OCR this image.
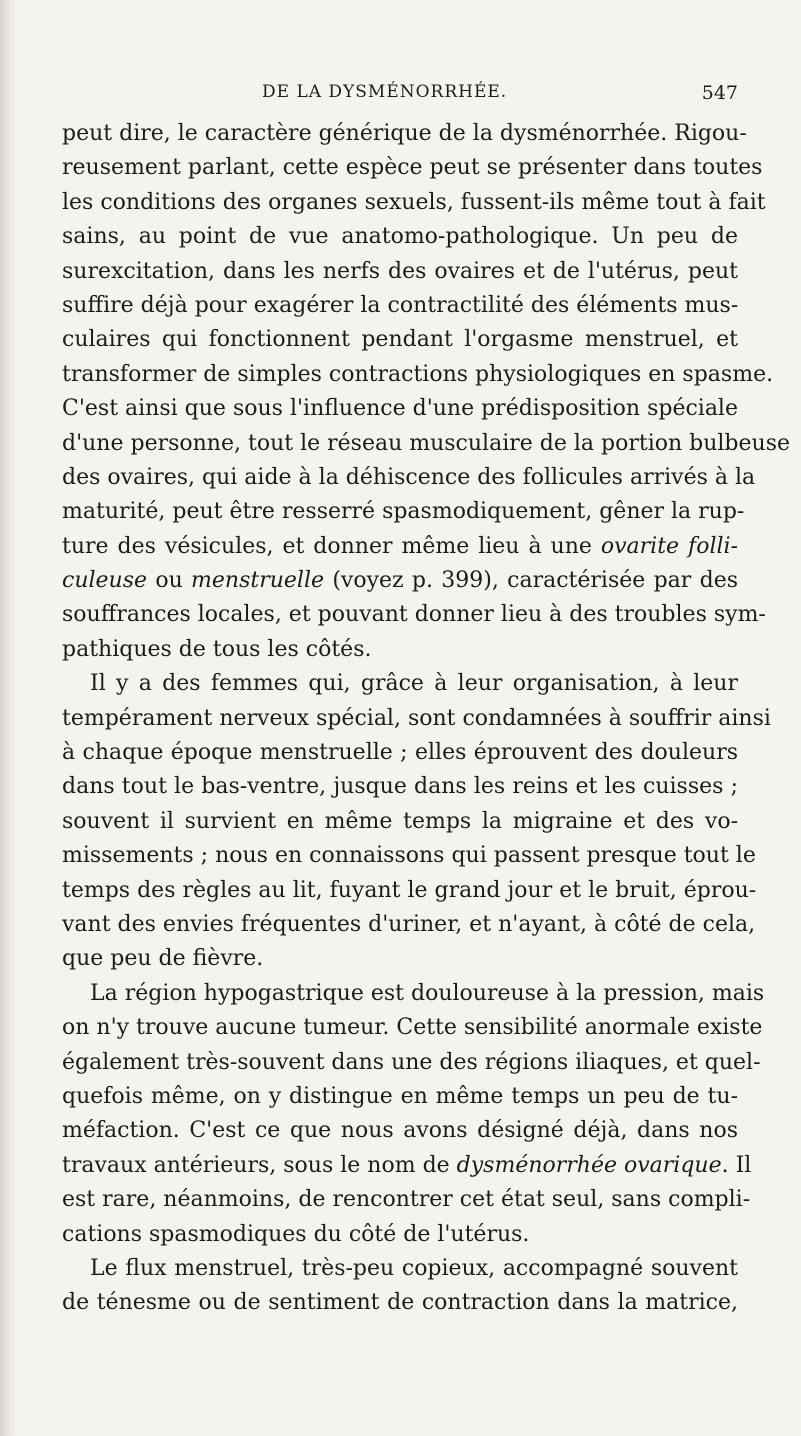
DE LA DYSMÉNORRHÉE.	547
peut dire, le caractère générique de la dysménorrhée. Rigou-
reusement parlant, cette espèce peut se présenter dans toutes
les conditions des organes sexuels, fussent-ils même tout à fait
sains, au point de vue anatomo-pathologique. Un peu de
surexcitation, dans les nerfs des ovaires et de l'utérus, peut
suffire déjà pour exagérer la contractilité des éléments mus-
culaires qui fonctionnent pendant l'orgasme menstruel, et
transformer de simples contractions physiologiques en spasme.
C'est ainsi que sous l'influence d'une prédisposition spéciale
d'une personne, tout le réseau musculaire de la portion bulbeuse
des ovaires, qui aide à la déhiscence des follicules arrivés à la
maturité, peut être resserré spasmodiquement, gêner la rup-
ture des vésicules, et donner même lieu à une ovarite folli-
culeuse ou menstruelle (voyez p. 399), caractérisée par des
souffrances locales, et pouvant donner lieu à des troubles sym-
pathiques de tous les côtés.
Il y a des femmes qui, grâce à leur organisation, à leur
tempérament nerveux spécial, sont condamnées à souffrir ainsi
à chaque époque menstruelle ; elles éprouvent des douleurs
dans tout le bas-ventre, jusque dans les reins et les cuisses ;
souvent il survient en même temps la migraine et des vo-
missements ; nous en connaissons qui passent presque tout le
temps des règles au lit, fuyant le grand jour et le bruit, éprou-
vant des envies fréquentes d'uriner, et n'ayant, à côté de cela,
que peu de fièvre.
La région hypogastrique est douloureuse à la pression, mais
on n'y trouve aucune tumeur. Cette sensibilité anormale existe
également très-souvent dans une des régions iliaques, et quel-
quefois même, on y distingue en même temps un peu de tu-
méfaction. C'est ce que nous avons désigné déjà, dans nos
travaux antérieurs, sous le nom de dysménorrhée ovarique. Il
est rare, néanmoins, de rencontrer cet état seul, sans compli-
cations spasmodiques du côté de l'utérus.
Le flux menstruel, très-peu copieux, accompagné souvent
de ténesme ou de sentiment de contraction dans la matrice,
